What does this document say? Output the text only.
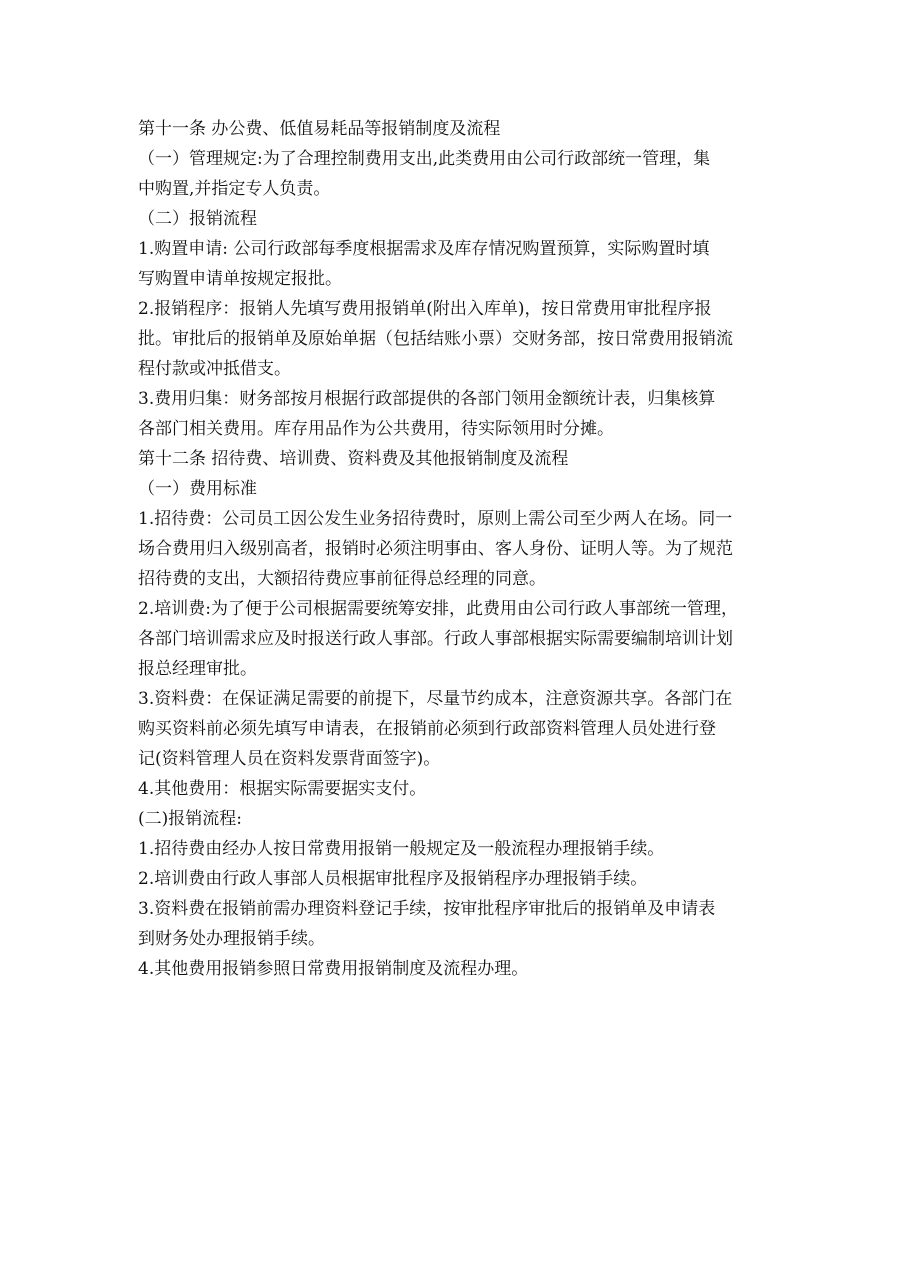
第十一条 办公费、低值易耗品等报销制度及流程
（一）管理规定:为了合理控制费用支出,此类费用由公司行政部统一管理，集
中购置,并指定专人负责。
（二）报销流程
1.购置申请: 公司行政部每季度根据需求及库存情况购置预算，实际购置时填
写购置申请单按规定报批。
2.报销程序：报销人先填写费用报销单(附出入库单)，按日常费用审批程序报
批。审批后的报销单及原始单据（包括结账小票）交财务部，按日常费用报销流
程付款或冲抵借支。
3.费用归集：财务部按月根据行政部提供的各部门领用金额统计表，归集核算
各部门相关费用。库存用品作为公共费用，待实际领用时分摊。
第十二条 招待费、培训费、资料费及其他报销制度及流程
（一）费用标准
1.招待费：公司员工因公发生业务招待费时，原则上需公司至少两人在场。同一
场合费用归入级别高者，报销时必须注明事由、客人身份、证明人等。为了规范
招待费的支出，大额招待费应事前征得总经理的同意。
2.培训费:为了便于公司根据需要统筹安排，此费用由公司行政人事部统一管理，
各部门培训需求应及时报送行政人事部。行政人事部根据实际需要编制培训计划
报总经理审批。
3.资料费：在保证满足需要的前提下，尽量节约成本，注意资源共享。各部门在
购买资料前必须先填写申请表，在报销前必须到行政部资料管理人员处进行登
记(资料管理人员在资料发票背面签字)。
4.其他费用：根据实际需要据实支付。
(二)报销流程:
1.招待费由经办人按日常费用报销一般规定及一般流程办理报销手续。
2.培训费由行政人事部人员根据审批程序及报销程序办理报销手续。
3.资料费在报销前需办理资料登记手续，按审批程序审批后的报销单及申请表
到财务处办理报销手续。
4.其他费用报销参照日常费用报销制度及流程办理。
